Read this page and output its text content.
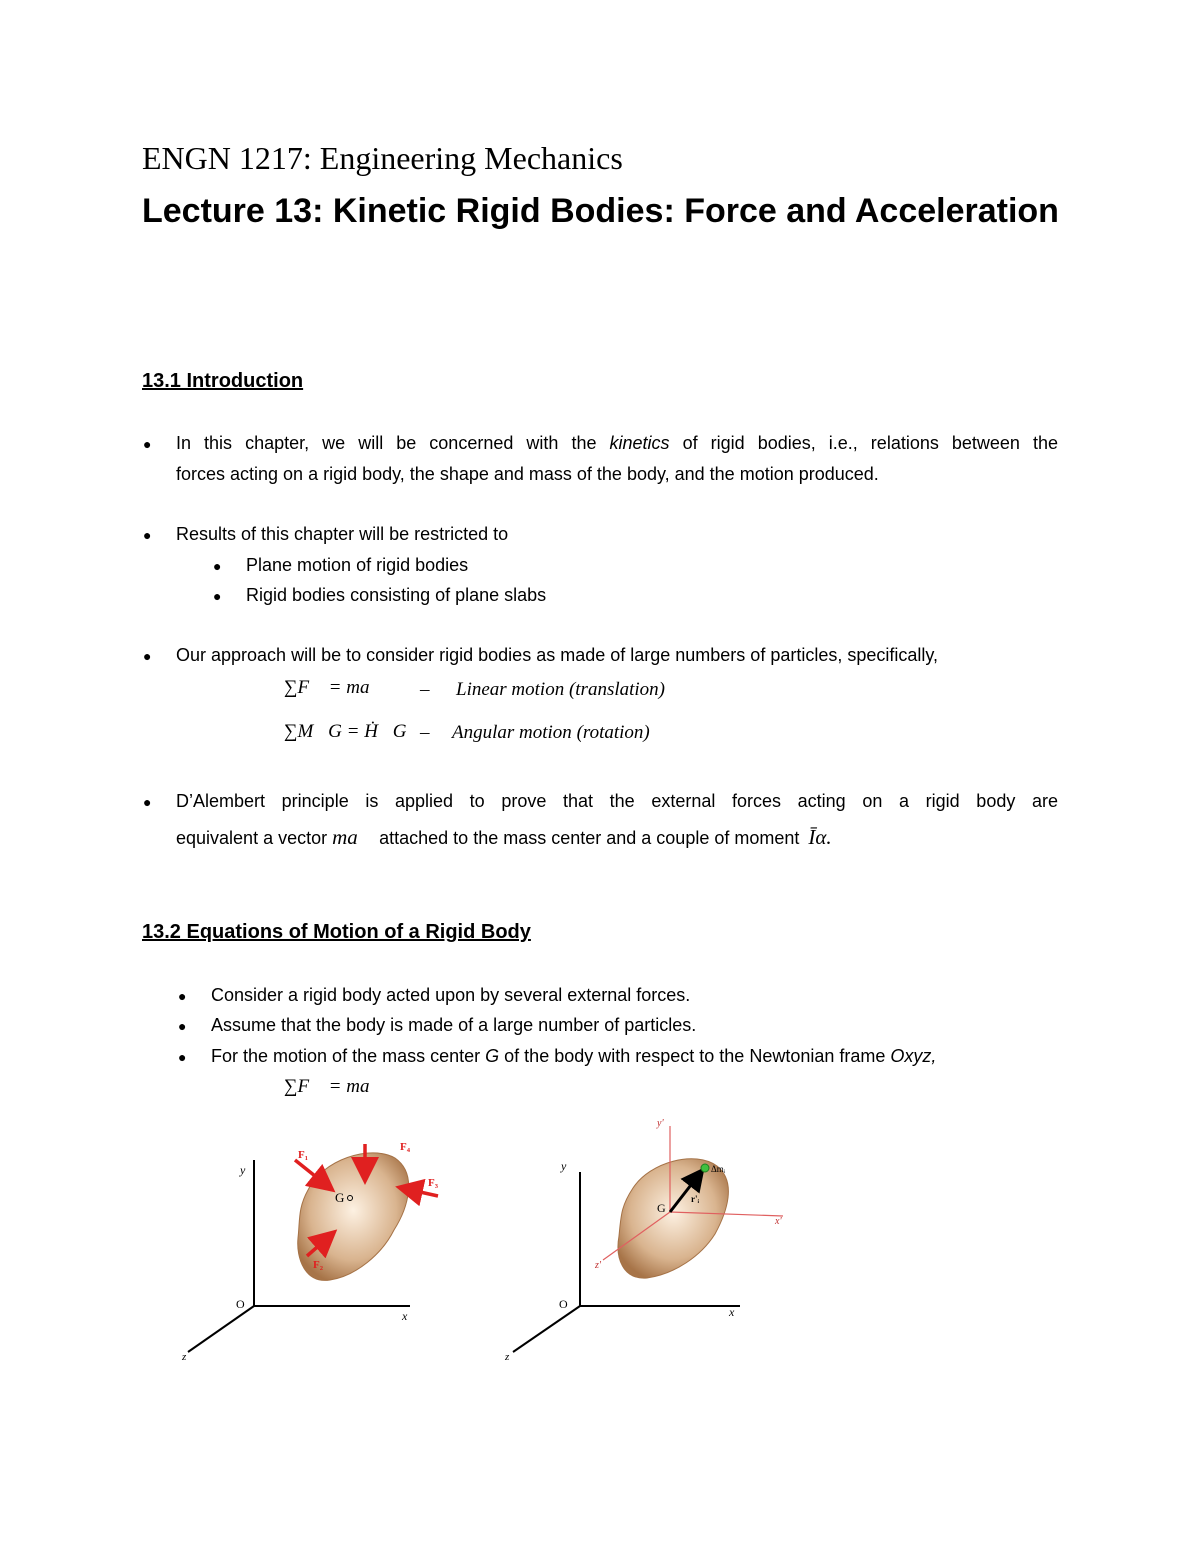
ENGN 1217: Engineering Mechanics
Lecture 13: Kinetic Rigid Bodies: Force and Acceleration
13.1 Introduction
● In this chapter, we will be concerned with the kinetics of rigid bodies, i.e., relations between the
forces acting on a rigid body, the shape and mass of the body, and the motion produced.
● Results of this chapter will be restricted to
● Plane motion of rigid bodies
● Rigid bodies consisting of plane slabs
● Our approach will be to consider rigid bodies as made of large numbers of particles, specifically,
∑F⃗ = ma⃗ – Linear motion (translation)
∑M⃗G = Ḣ⃗G – Angular motion (rotation)
● D’Alembert principle is applied to prove that the external forces acting on a rigid body are
equivalent a vector ma⃗ attached to the mass center and a couple of moment Īα.
13.2 Equations of Motion of a Rigid Body
● Consider a rigid body acted upon by several external forces.
● Assume that the body is made of a large number of particles.
● For the motion of the mass center G of the body with respect to the Newtonian frame Oxyz,
∑F⃗ = ma⃗
y
x
z
O
G
F₁
F₂
F₃
F₄
y
x
z
O
y'
x'
z'
G
r'ᵢ
Δmᵢ
